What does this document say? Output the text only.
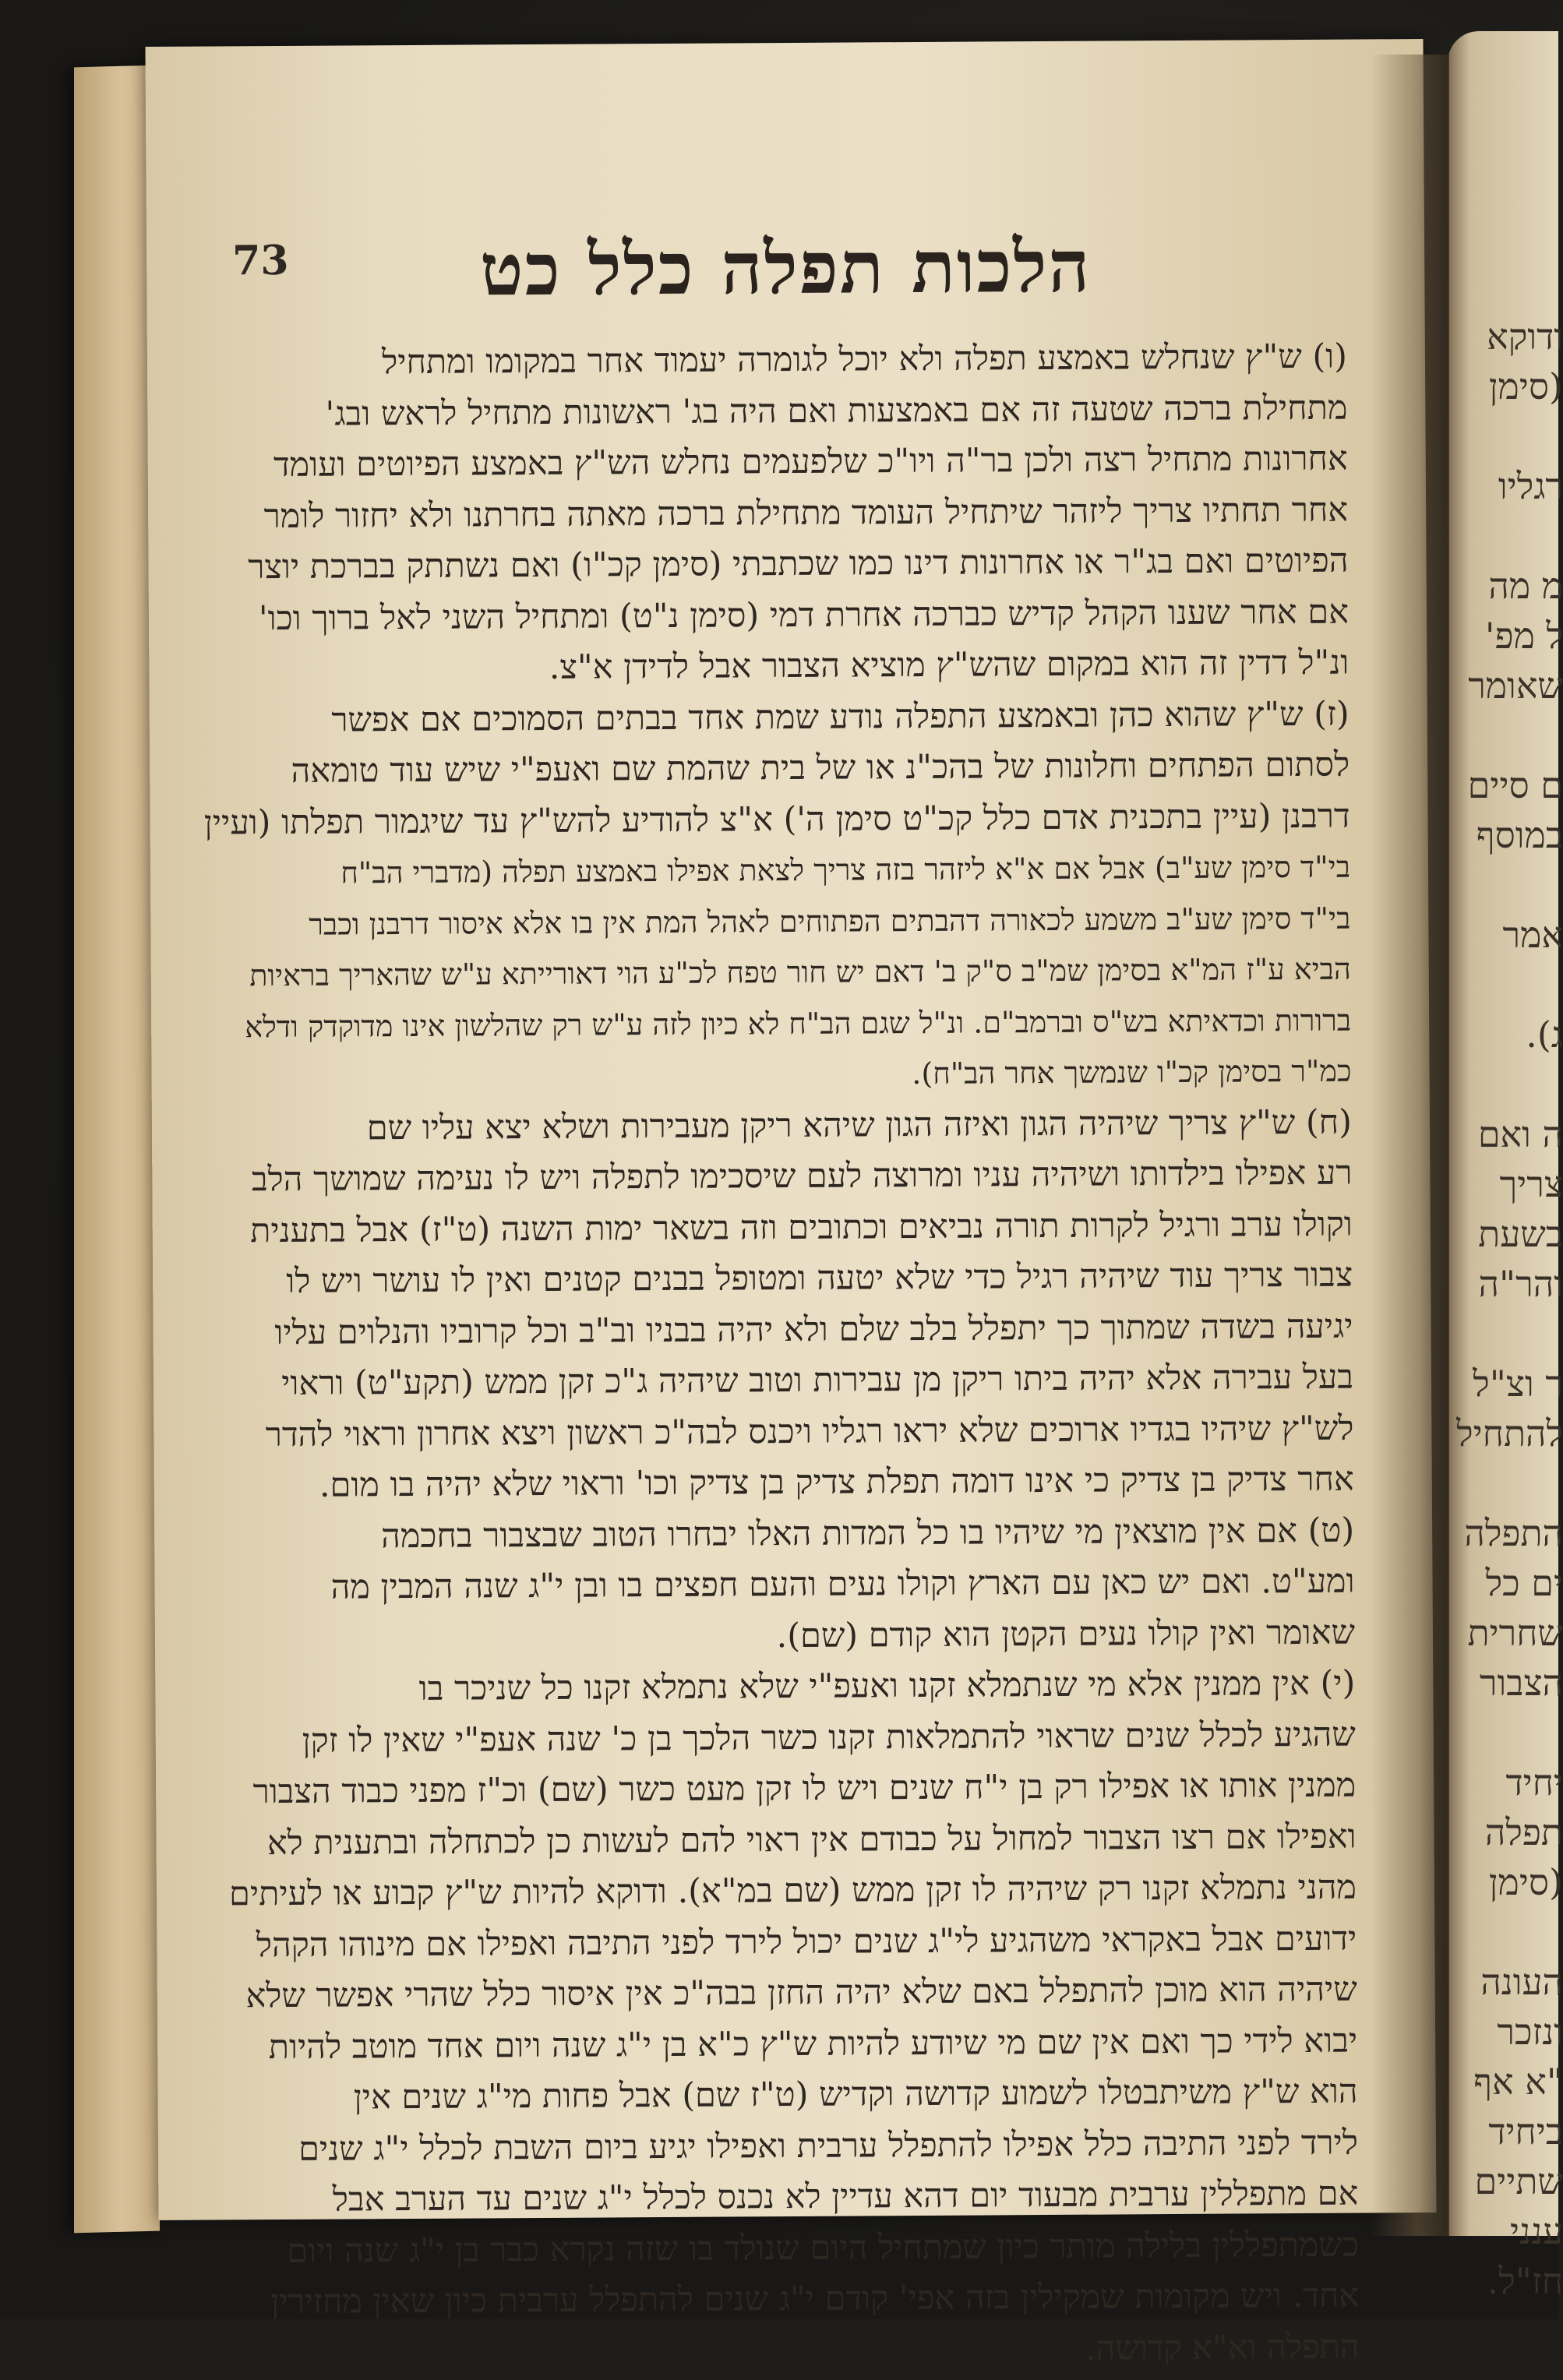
73	הלכות תפלה כלל כט

(ו) ש"ץ שנחלש באמצע תפלה ולא יוכל לגומרה יעמוד אחר במקומו ומתחיל
מתחילת ברכה שטעה זה אם באמצעות ואם היה בג' ראשונות מתחיל לראש ובג'
אחרונות מתחיל רצה ולכן בר"ה ויו"כ שלפעמים נחלש הש"ץ באמצע הפיוטים ועומד
אחר תחתיו צריך ליזהר שיתחיל העומד מתחילת ברכה מאתה בחרתנו ולא יחזור לומר
הפיוטים ואם בג"ר או אחרונות דינו כמו שכתבתי (סימן קכ"ו) ואם נשתתק בברכת יוצר
אם אחר שענו הקהל קדיש כברכה אחרת דמי (סימן נ"ט) ומתחיל השני לאל ברוך וכו'
ונ"ל דדין זה הוא במקום שהש"ץ מוציא הצבור אבל לדידן א"צ.

(ז) ש"ץ שהוא כהן ובאמצע התפלה נודע שמת אחד בבתים הסמוכים אם אפשר
לסתום הפתחים וחלונות של בהכ"נ או של בית שהמת שם ואעפ"י שיש עוד טומאה
דרבנן (עיין בתכנית אדם כלל קכ"ט סימן ה') א"צ להודיע להש"ץ עד שיגמור תפלתו (ועיין
בי"ד סימן שע"ב) אבל אם א"א ליזהר בזה צריך לצאת אפילו באמצע תפלה (מדברי הב"ח
בי"ד סימן שע"ב משמע לכאורה דהבתים הפתוחים לאהל המת אין בו אלא איסור דרבנן וכבר
הביא ע"ז המ"א בסימן שמ"ב ס"ק ב' דאם יש חור טפח לכ"ע הוי דאורייתא ע"ש שהאריך בראיות
ברורות וכדאיתא בש"ס וברמב"ם. ונ"ל שגם הב"ח לא כיון לזה ע"ש רק שהלשון אינו מדוקדק ודלא
כמ"ר בסימן קכ"ו שנמשך אחר הב"ח).

(ח) ש"ץ צריך שיהיה הגון ואיזה הגון שיהא ריקן מעבירות ושלא יצא עליו שם
רע אפילו בילדותו ושיהיה עניו ומרוצה לעם שיסכימו לתפלה ויש לו נעימה שמושך הלב
וקולו ערב ורגיל לקרות תורה נביאים וכתובים וזה בשאר ימות השנה (ט"ז) אבל בתענית
צבור צריך עוד שיהיה רגיל כדי שלא יטעה ומטופל בבנים קטנים ואין לו עושר ויש לו
יגיעה בשדה שמתוך כך יתפלל בלב שלם ולא יהיה בבניו וב"ב וכל קרוביו והנלוים עליו
בעל עבירה אלא יהיה ביתו ריקן מן עבירות וטוב שיהיה ג"כ זקן ממש (תקע"ט) וראוי
לש"ץ שיהיו בגדיו ארוכים שלא יראו רגליו ויכנס לבה"כ ראשון ויצא אחרון וראוי להדר
אחר צדיק בן צדיק כי אינו דומה תפלת צדיק בן צדיק וכו' וראוי שלא יהיה בו מום.

(ט) אם אין מוצאין מי שיהיו בו כל המדות האלו יבחרו הטוב שבצבור בחכמה
ומע"ט. ואם יש כאן עם הארץ וקולו נעים והעם חפצים בו ובן י"ג שנה המבין מה
שאומר ואין קולו נעים הקטן הוא קודם (שם).

(י) אין ממנין אלא מי שנתמלא זקנו ואעפ"י שלא נתמלא זקנו כל שניכר בו
שהגיע לכלל שנים שראוי להתמלאות זקנו כשר הלכך בן כ' שנה אעפ"י שאין לו זקן
ממנין אותו או אפילו רק בן י"ח שנים ויש לו זקן מעט כשר (שם) וכ"ז מפני כבוד הצבור
ואפילו אם רצו הצבור למחול על כבודם אין ראוי להם לעשות כן לכתחלה ובתענית לא
מהני נתמלא זקנו רק שיהיה לו זקן ממש (שם במ"א). ודוקא להיות ש"ץ קבוע או לעיתים
ידועים אבל באקראי משהגיע לי"ג שנים יכול לירד לפני התיבה ואפילו אם מינוהו הקהל
שיהיה הוא מוכן להתפלל באם שלא יהיה החזן בבה"כ אין איסור כלל שהרי אפשר שלא
יבוא לידי כך ואם אין שם מי שיודע להיות ש"ץ כ"א בן י"ג שנה ויום אחד מוטב להיות
הוא ש"ץ משיתבטלו לשמוע קדושה וקדיש (ט"ז שם) אבל פחות מי"ג שנים אין
לירד לפני התיבה כלל אפילו להתפלל ערבית ואפילו יגיע ביום השבת לכלל י"ג שנים
אם מתפללין ערבית מבעוד יום דהא עדיין לא נכנס לכלל י"ג שנים עד הערב אבל
כשמתפללין בלילה מותר כיון שמתחיל היום שנולד בו שזה נקרא כבר בן י"ג שנה ויום
אחד. ויש מקומות שמקילין בזה אפי' קודם י"ג שנים להתפלל ערבית כיון שאין מחזירין
התפלה וא"א קדושה.

ודוקא
(סימן

רגליו

מ מה
ל מפ'
שאומר

ם סיים
במוסף

אמר

ג).

ה ואם
צריך
בשעת
והר"ה

ר וצ"ל
להתחיל

התפלה
ים כל
שחרית
הצבור

יחיד
תפלה
(סימן

העונה
ונזכר
"א אף
ביחיד
שתיים
ענני
חז"ל.
